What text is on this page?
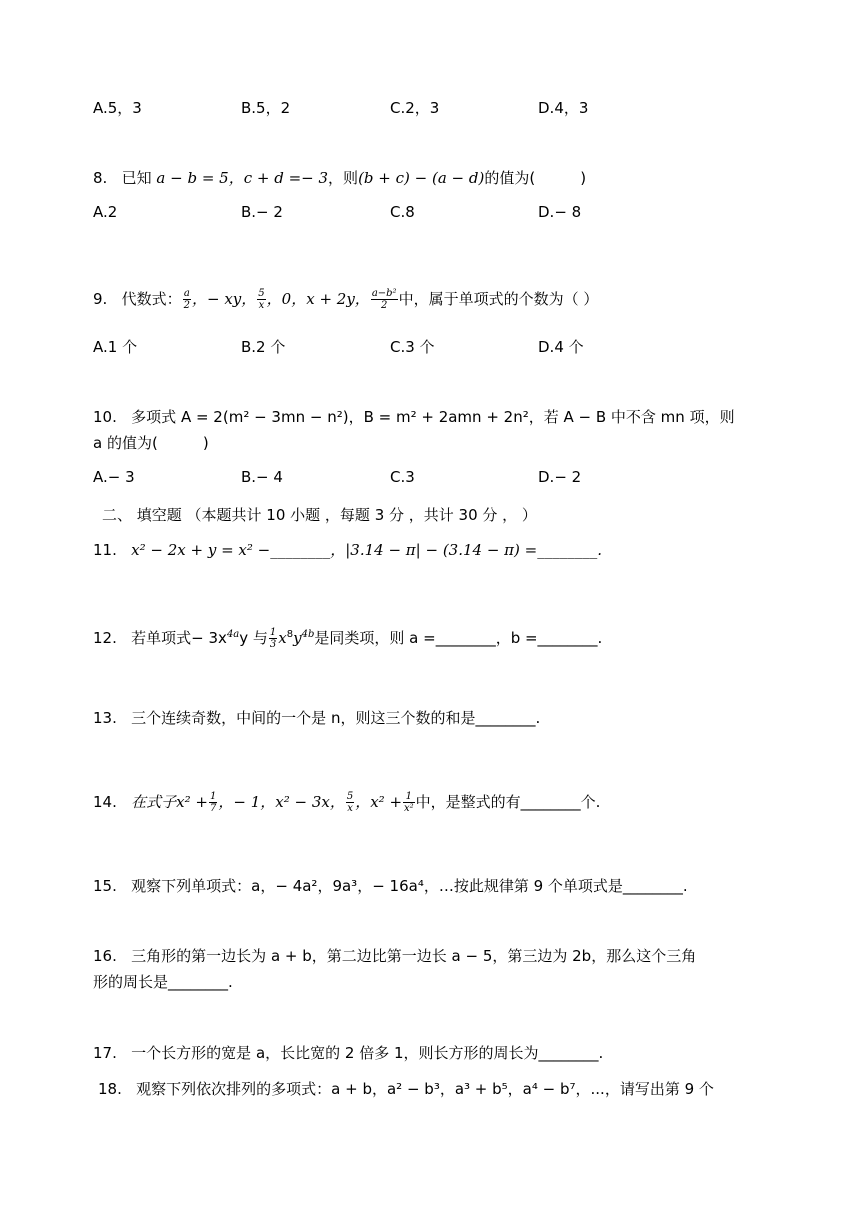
A.5，3	B.5，2	C.2，3	D.4，3
8. 已知 a − b = 5，c + d =− 3，则(b + c) − (a − d)的值为(　　　)
A.2	B.− 2	C.8	D.− 8
9. 代数式： $\frac{a}{2}$ ，− xy， $\frac{5}{x}$ ，0，x + 2y， $\frac{\text{a−b²}}{2}$ 中，属于单项式的个数为（ ）
A.1 个	B.2 个	C.3 个	D.4 个
10. 多项式 A = 2(m² − 3mn − n²)，B = m² + 2amn + 2n²，若 A − B 中不含 mn 项，则
a 的值为(　　　)
A.− 3	B.− 4	C.3	D.− 2
二、 填空题 （本题共计 10 小题 ，每题 3 分 ，共计 30 分 ， ）
11. x² − 2x + y = x² −________，|3.14 − π| − (3.14 − π) =________.
12. 若单项式− $3x^{4a}y$ 与 $\frac{1}{3} x^8y^{4b}$是同类项，则 a =________，b =________.
13. 三个连续奇数，中间的一个是 n，则这三个数的和是________.
14. 在式子$x^2 + \frac{1}{7}$ ，− 1，x² − 3x， $\frac{5}{x}$ ，$x^2 + \frac{1}{\text{x²}}$ 中，是整式的有________个.
15. 观察下列单项式：a，− 4a²，9a³，− 16a⁴，…按此规律第 9 个单项式是________.
16. 三角形的第一边长为 a + b，第二边比第一边长 a − 5，第三边为 2b，那么这个三角
形的周长是________.
17. 一个长方形的宽是 a，长比宽的 2 倍多 1，则长方形的周长为________.
18. 观察下列依次排列的多项式：a + b，a² − b³，a³ + b⁵，a⁴ − b⁷，...，请写出第 9 个
